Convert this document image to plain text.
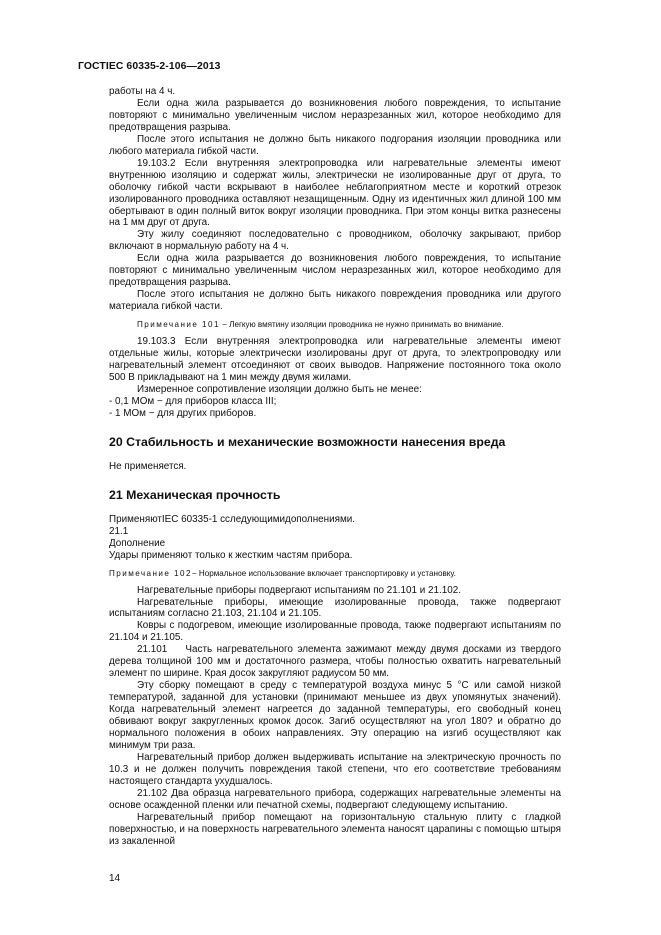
ГОСТIEC 60335-2-106—2013

работы на 4 ч.

Если одна жила разрывается до возникновения любого повреждения, то испытание повторяют с минимально увеличенным числом неразрезанных жил, которое необходимо для предотвращения разрыва.

После этого испытания не должно быть никакого подгорания изоляции проводника или любого материала гибкой части.

19.103.2 Если внутренняя электропроводка или нагревательные элементы имеют внутреннюю изоляцию и содержат жилы, электрически не изолированные друг от друга, то оболочку гибкой части вскрывают в наиболее неблагоприятном месте и короткий отрезок изолированного проводника оставляют незащищенным. Одну из идентичных жил длиной 100 мм обертывают в один полный виток вокруг изоляции проводника. При этом концы витка разнесены на 1 мм друг от друга.

Эту жилу соединяют последовательно с проводником, оболочку закрывают, прибор включают в нормальную работу на 4 ч.

Если одна жила разрывается до возникновения любого повреждения, то испытание повторяют с минимально увеличенным числом неразрезанных жил, которое необходимо для предотвращения разрыва.

После этого испытания не должно быть никакого повреждения проводника или другого материала гибкой части.

Примечание 101 − Легкую вмятину изоляции проводника не нужно принимать во внимание.

19.103.3 Если внутренняя электропроводка или нагревательные элементы имеют отдельные жилы, которые электрически изолированы друг от друга, то электропроводку или нагревательный элемент отсоединяют от своих выводов. Напряжение постоянного тока около 500 В прикладывают на 1 мин между двумя жилами.

Измеренное сопротивление изоляции должно быть не менее:

- 0,1 МОм − для приборов класса III;

- 1 МОм − для других приборов.

20 Стабильность и механические возможности нанесения вреда

Не применяется.

21 Механическая прочность

ПрименяютIEC 60335-1 сследующимидополнениями.

21.1

Дополнение

Удары применяют только к жестким частям прибора.

Примечание 102− Нормальное использование включает транспортировку и установку.

Нагревательные приборы подвергают испытаниям по 21.101 и 21.102.

Нагревательные приборы, имеющие изолированные провода, также подвергают испытаниям согласно 21.103, 21.104 и 21.105.

Ковры с подогревом, имеющие изолированные провода, также подвергают испытаниям по 21.104 и 21.105.

21.101    Часть нагревательного элемента зажимают между двумя досками из твердого дерева толщиной 100 мм и достаточного размера, чтобы полностью охватить нагревательный элемент по ширине. Края досок закругляют радиусом 50 мм.

Эту сборку помещают в среду с температурой воздуха минус 5 °С или самой низкой температурой, заданной для установки (принимают меньшее из двух упомянутых значений). Когда нагревательный элемент нагреется до заданной температуры, его свободный конец обвивают вокруг закругленных кромок досок. Загиб осуществляют на угол 180? и обратно до нормального положения в обоих направлениях. Эту операцию на изгиб осуществляют как минимум три раза.

Нагревательный прибор должен выдерживать испытание на электрическую прочность по 10.3 и не должен получить повреждения такой степени, что его соответствие требованиям настоящего стандарта ухудшалось.

21.102 Два образца нагревательного прибора, содержащих нагревательные элементы на основе осажденной пленки или печатной схемы, подвергают следующему испытанию.

Нагревательный прибор помещают на горизонтальную стальную плиту с гладкой поверхностью, и на поверхность нагревательного элемента наносят царапины с помощью штыря из закаленной

14
